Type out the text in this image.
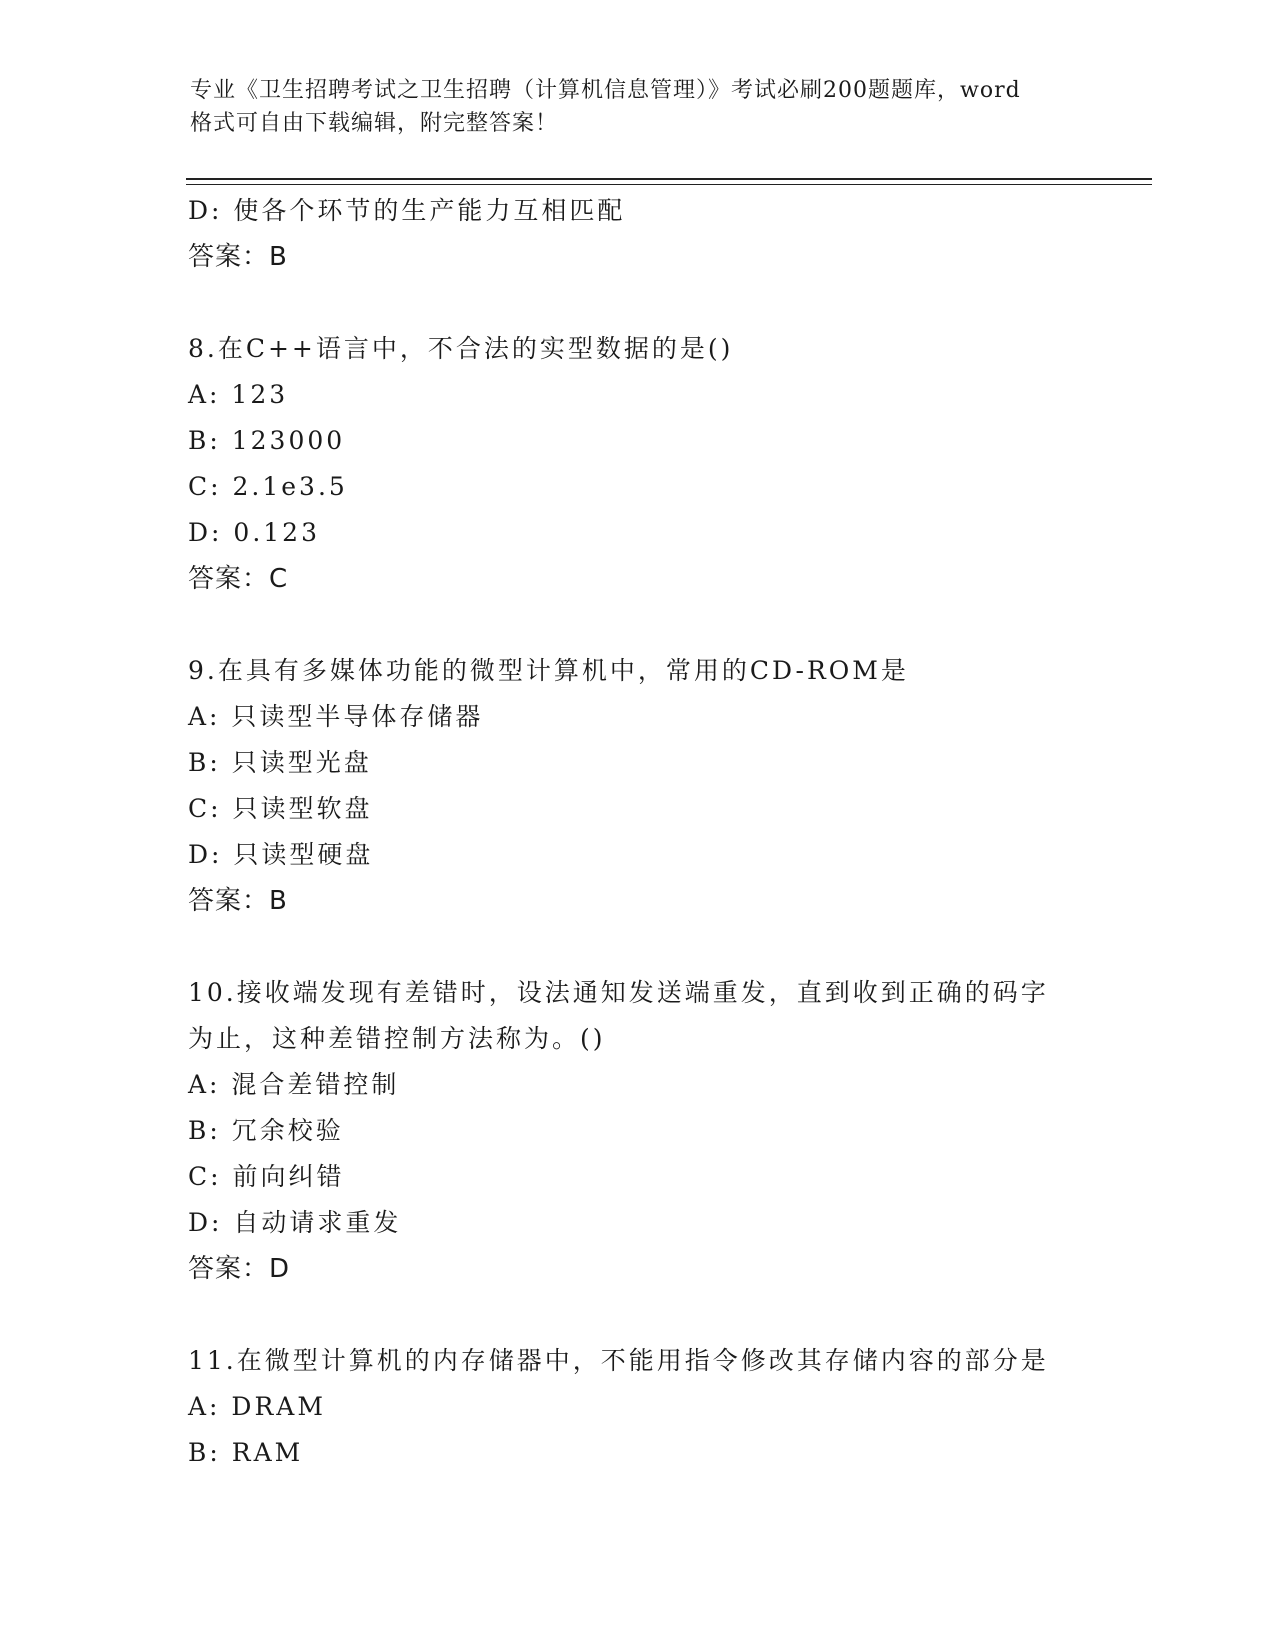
专业《卫生招聘考试之卫生招聘（计算机信息管理）》考试必刷200题题库，word
格式可自由下载编辑，附完整答案！
D: 使各个环节的生产能力互相匹配
答案：B
8.在C++语言中，不合法的实型数据的是()
A: 123
B: 123000
C: 2.1e3.5
D: 0.123
答案：C
9.在具有多媒体功能的微型计算机中，常用的CD-ROM是
A: 只读型半导体存储器
B: 只读型光盘
C: 只读型软盘
D: 只读型硬盘
答案：B
10.接收端发现有差错时，设法通知发送端重发，直到收到正确的码字
为止，这种差错控制方法称为。()
A: 混合差错控制
B: 冗余校验
C: 前向纠错
D: 自动请求重发
答案：D
11.在微型计算机的内存储器中，不能用指令修改其存储内容的部分是
A: DRAM
B: RAM
